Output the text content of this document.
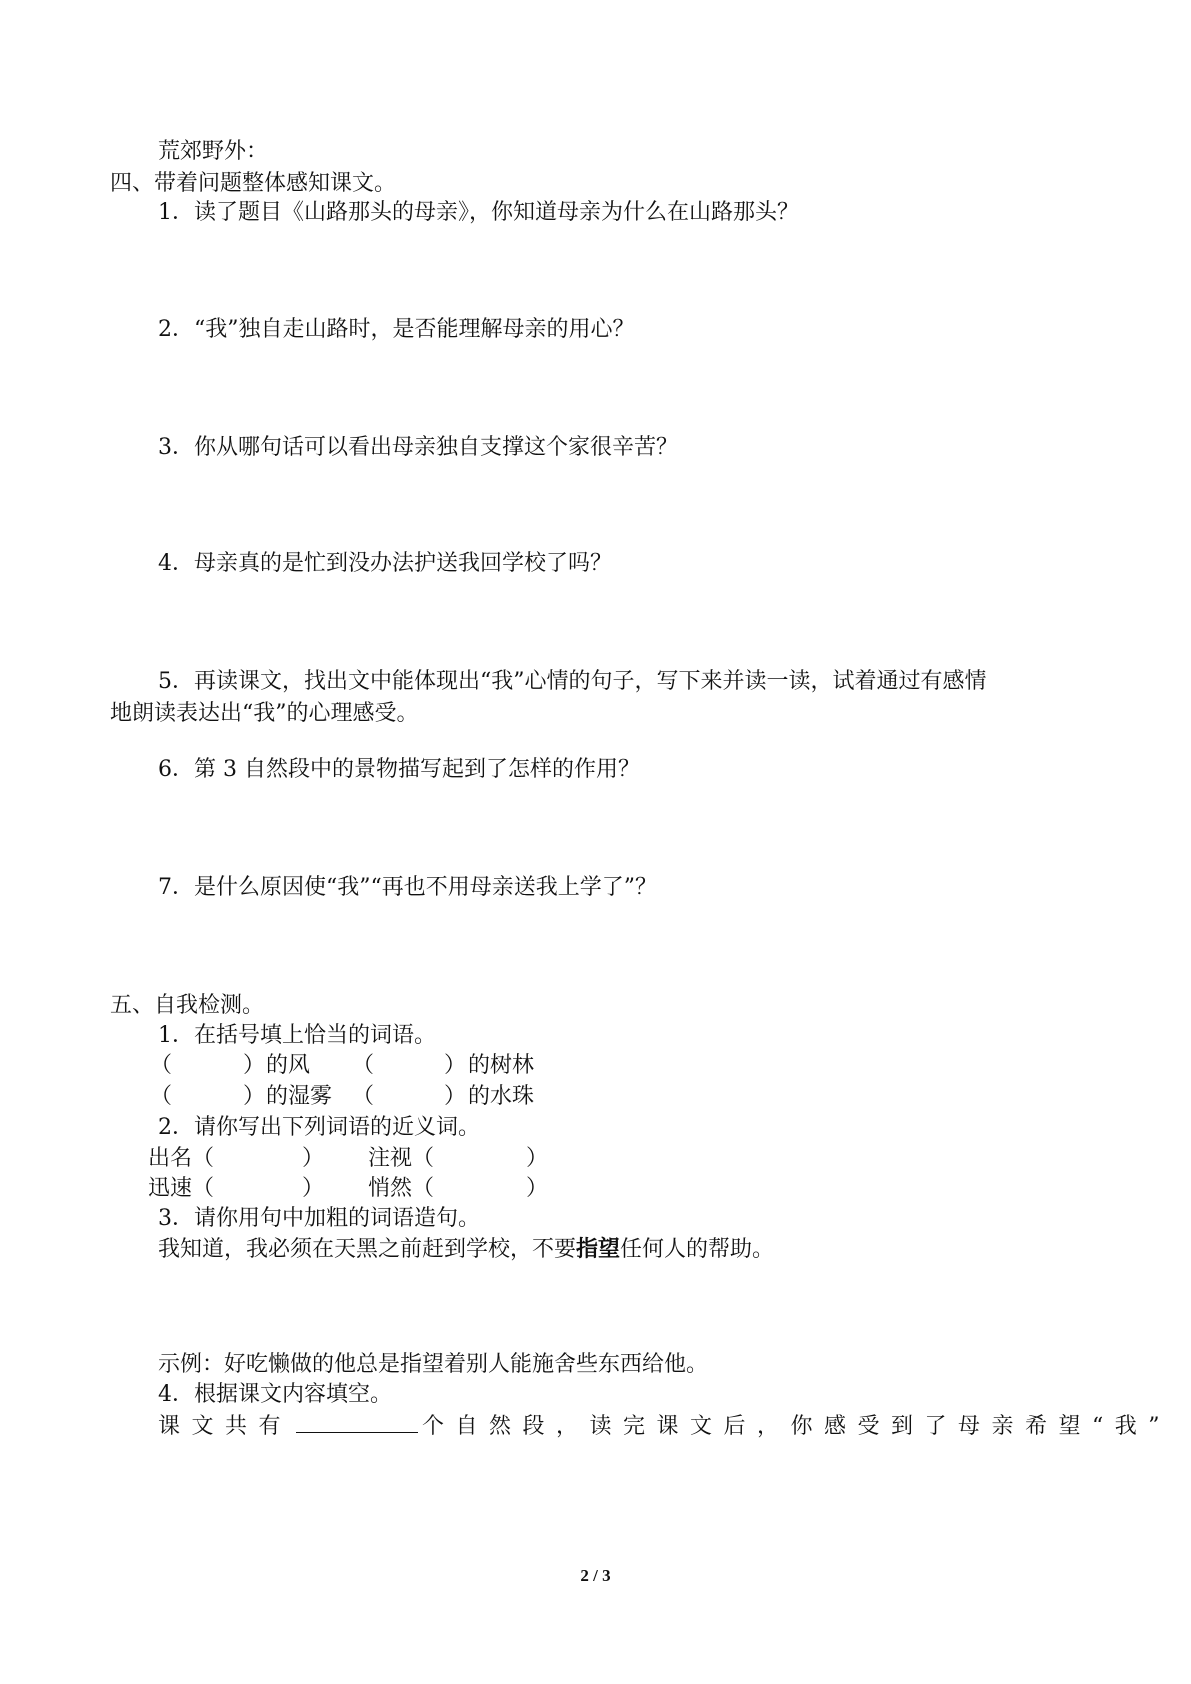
荒郊野外：
四、带着问题整体感知课文。
1．读了题目《山路那头的母亲》，你知道母亲为什么在山路那头？
2．“我”独自走山路时，是否能理解母亲的用心？
3．你从哪句话可以看出母亲独自支撑这个家很辛苦？
4．母亲真的是忙到没办法护送我回学校了吗？
5．再读课文，找出文中能体现出“我”心情的句子，写下来并读一读，试着通过有感情
地朗读表达出“我”的心理感受。
6．第 3 自然段中的景物描写起到了怎样的作用？
7．是什么原因使“我”“再也不用母亲送我上学了”？
五、自我检测。
1．在括号填上恰当的词语。
（	） 的风 （	） 的树林
（	） 的湿雾 （	） 的水珠
2．请你写出下列词语的近义词。
出名（	） 注视（	）
迅速（	） 悄然（	）
3．请你用句中加粗的词语造句。
我知道，我必须在天黑之前赶到学校，不要指望任何人的帮助。
示例：好吃懒做的他总是指望着别人能施舍些东西给他。
4．根据课文内容填空。
课文共有	个自然段，读完课文后，你感受到了母亲希望“我”
2 / 3
